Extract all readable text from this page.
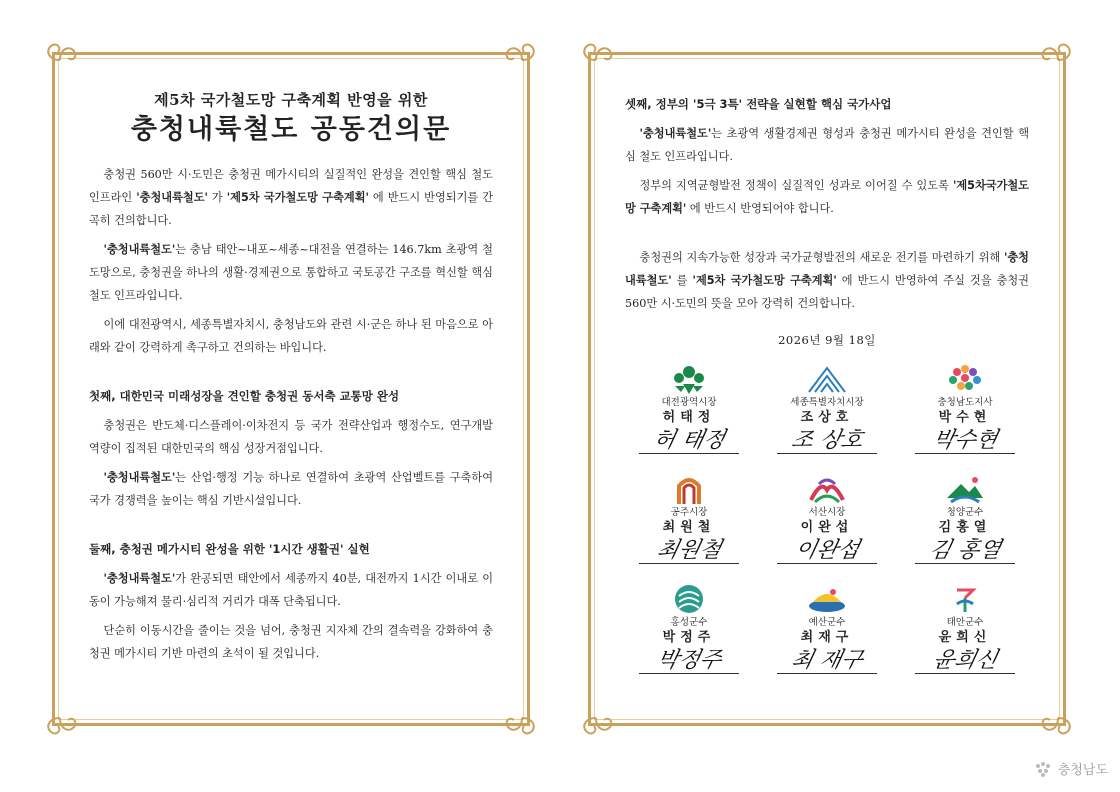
제5차 국가철도망 구축계획 반영을 위한
충청내륙철도 공동건의문

충청권 560만 시·도민은 충청권 메가시티의 실질적인 완성을 견인할 핵심 철도 인프라인 '충청내륙철도' 가 '제5차 국가철도망 구축계획' 에 반드시 반영되기를 간곡히 건의합니다.

'충청내륙철도'는 충남 태안~내포~세종~대전을 연결하는 146.7km 초광역 철도망으로, 충청권을 하나의 생활·경제권으로 통합하고 국토공간 구조를 혁신할 핵심 철도 인프라입니다.

이에 대전광역시, 세종특별자치시, 충청남도와 관련 시·군은 하나 된 마음으로 아래와 같이 강력하게 촉구하고 건의하는 바입니다.

첫째, 대한민국 미래성장을 견인할 충청권 동서축 교통망 완성

충청권은 반도체·디스플레이·이차전지 등 국가 전략산업과 행정수도, 연구개발 역량이 집적된 대한민국의 핵심 성장거점입니다.

'충청내륙철도'는 산업·행정 기능 하나로 연결하여 초광역 산업벨트를 구축하여 국가 경쟁력을 높이는 핵심 기반시설입니다.

둘째, 충청권 메가시티 완성을 위한 '1시간 생활권' 실현

'충청내륙철도'가 완공되면 태안에서 세종까지 40분, 대전까지 1시간 이내로 이동이 가능해져 물리·심리적 거리가 대폭 단축됩니다.

단순히 이동시간을 줄이는 것을 넘어, 충청권 지자체 간의 결속력을 강화하여 충청권 메가시티 기반 마련의 초석이 될 것입니다.

셋째, 정부의 '5극 3특' 전략을 실현할 핵심 국가사업

'충청내륙철도'는 초광역 생활경제권 형성과 충청권 메가시티 완성을 견인할 핵심 철도 인프라입니다.

정부의 지역균형발전 정책이 실질적인 성과로 이어질 수 있도록 '제5차국가철도망 구축계획' 에 반드시 반영되어야 합니다.

충청권의 지속가능한 성장과 국가균형발전의 새로운 전기를 마련하기 위해 '충청내륙철도' 를 '제5차 국가철도망 구축계획' 에 반드시 반영하여 주실 것을 충청권 560만 시·도민의 뜻을 모아 강력히 건의합니다.

2026년 9월 18일
대전광역시장
허태정
허 태정
세종특별자치시장
조상호
조 상호
충청남도지사
박수현
박수현
공주시장
최원철
최원철
서산시장
이완섭
이완섭
청양군수
김홍열
김 홍열
홍성군수
박정주
박정주
예산군수
최재구
최 재구
태안군수
윤희신
윤희신
충청남도
